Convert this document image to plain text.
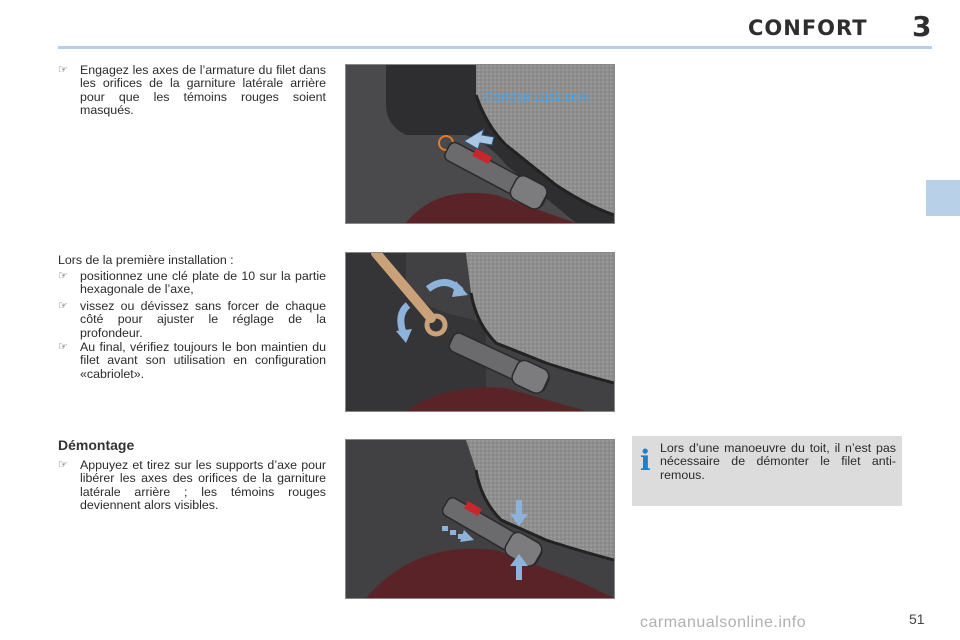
CONFORT 3
☞ Engagez les axes de l’armature du filet dans les orifices de la garniture latérale arrière pour que les témoins rouges soient masqués.
Lors de la première installation :
☞ positionnez une clé plate de 10 sur la partie hexagonale de l’axe,
☞ vissez ou dévissez sans forcer de chaque côté pour ajuster le réglage de la profondeur.
☞ Au final, vérifiez toujours le bon maintien du filet avant son utilisation en configuration «cabriolet».
Démontage
☞ Appuyez et tirez sur les supports d’axe pour libérer les axes des orifices de la garniture latérale arrière ; les témoins rouges deviennent alors visibles.
CarManuals2.com
i Lors d’une manoeuvre du toit, il n’est pas nécessaire de démonter le filet anti-remous.
51
carmanualsonline.info
